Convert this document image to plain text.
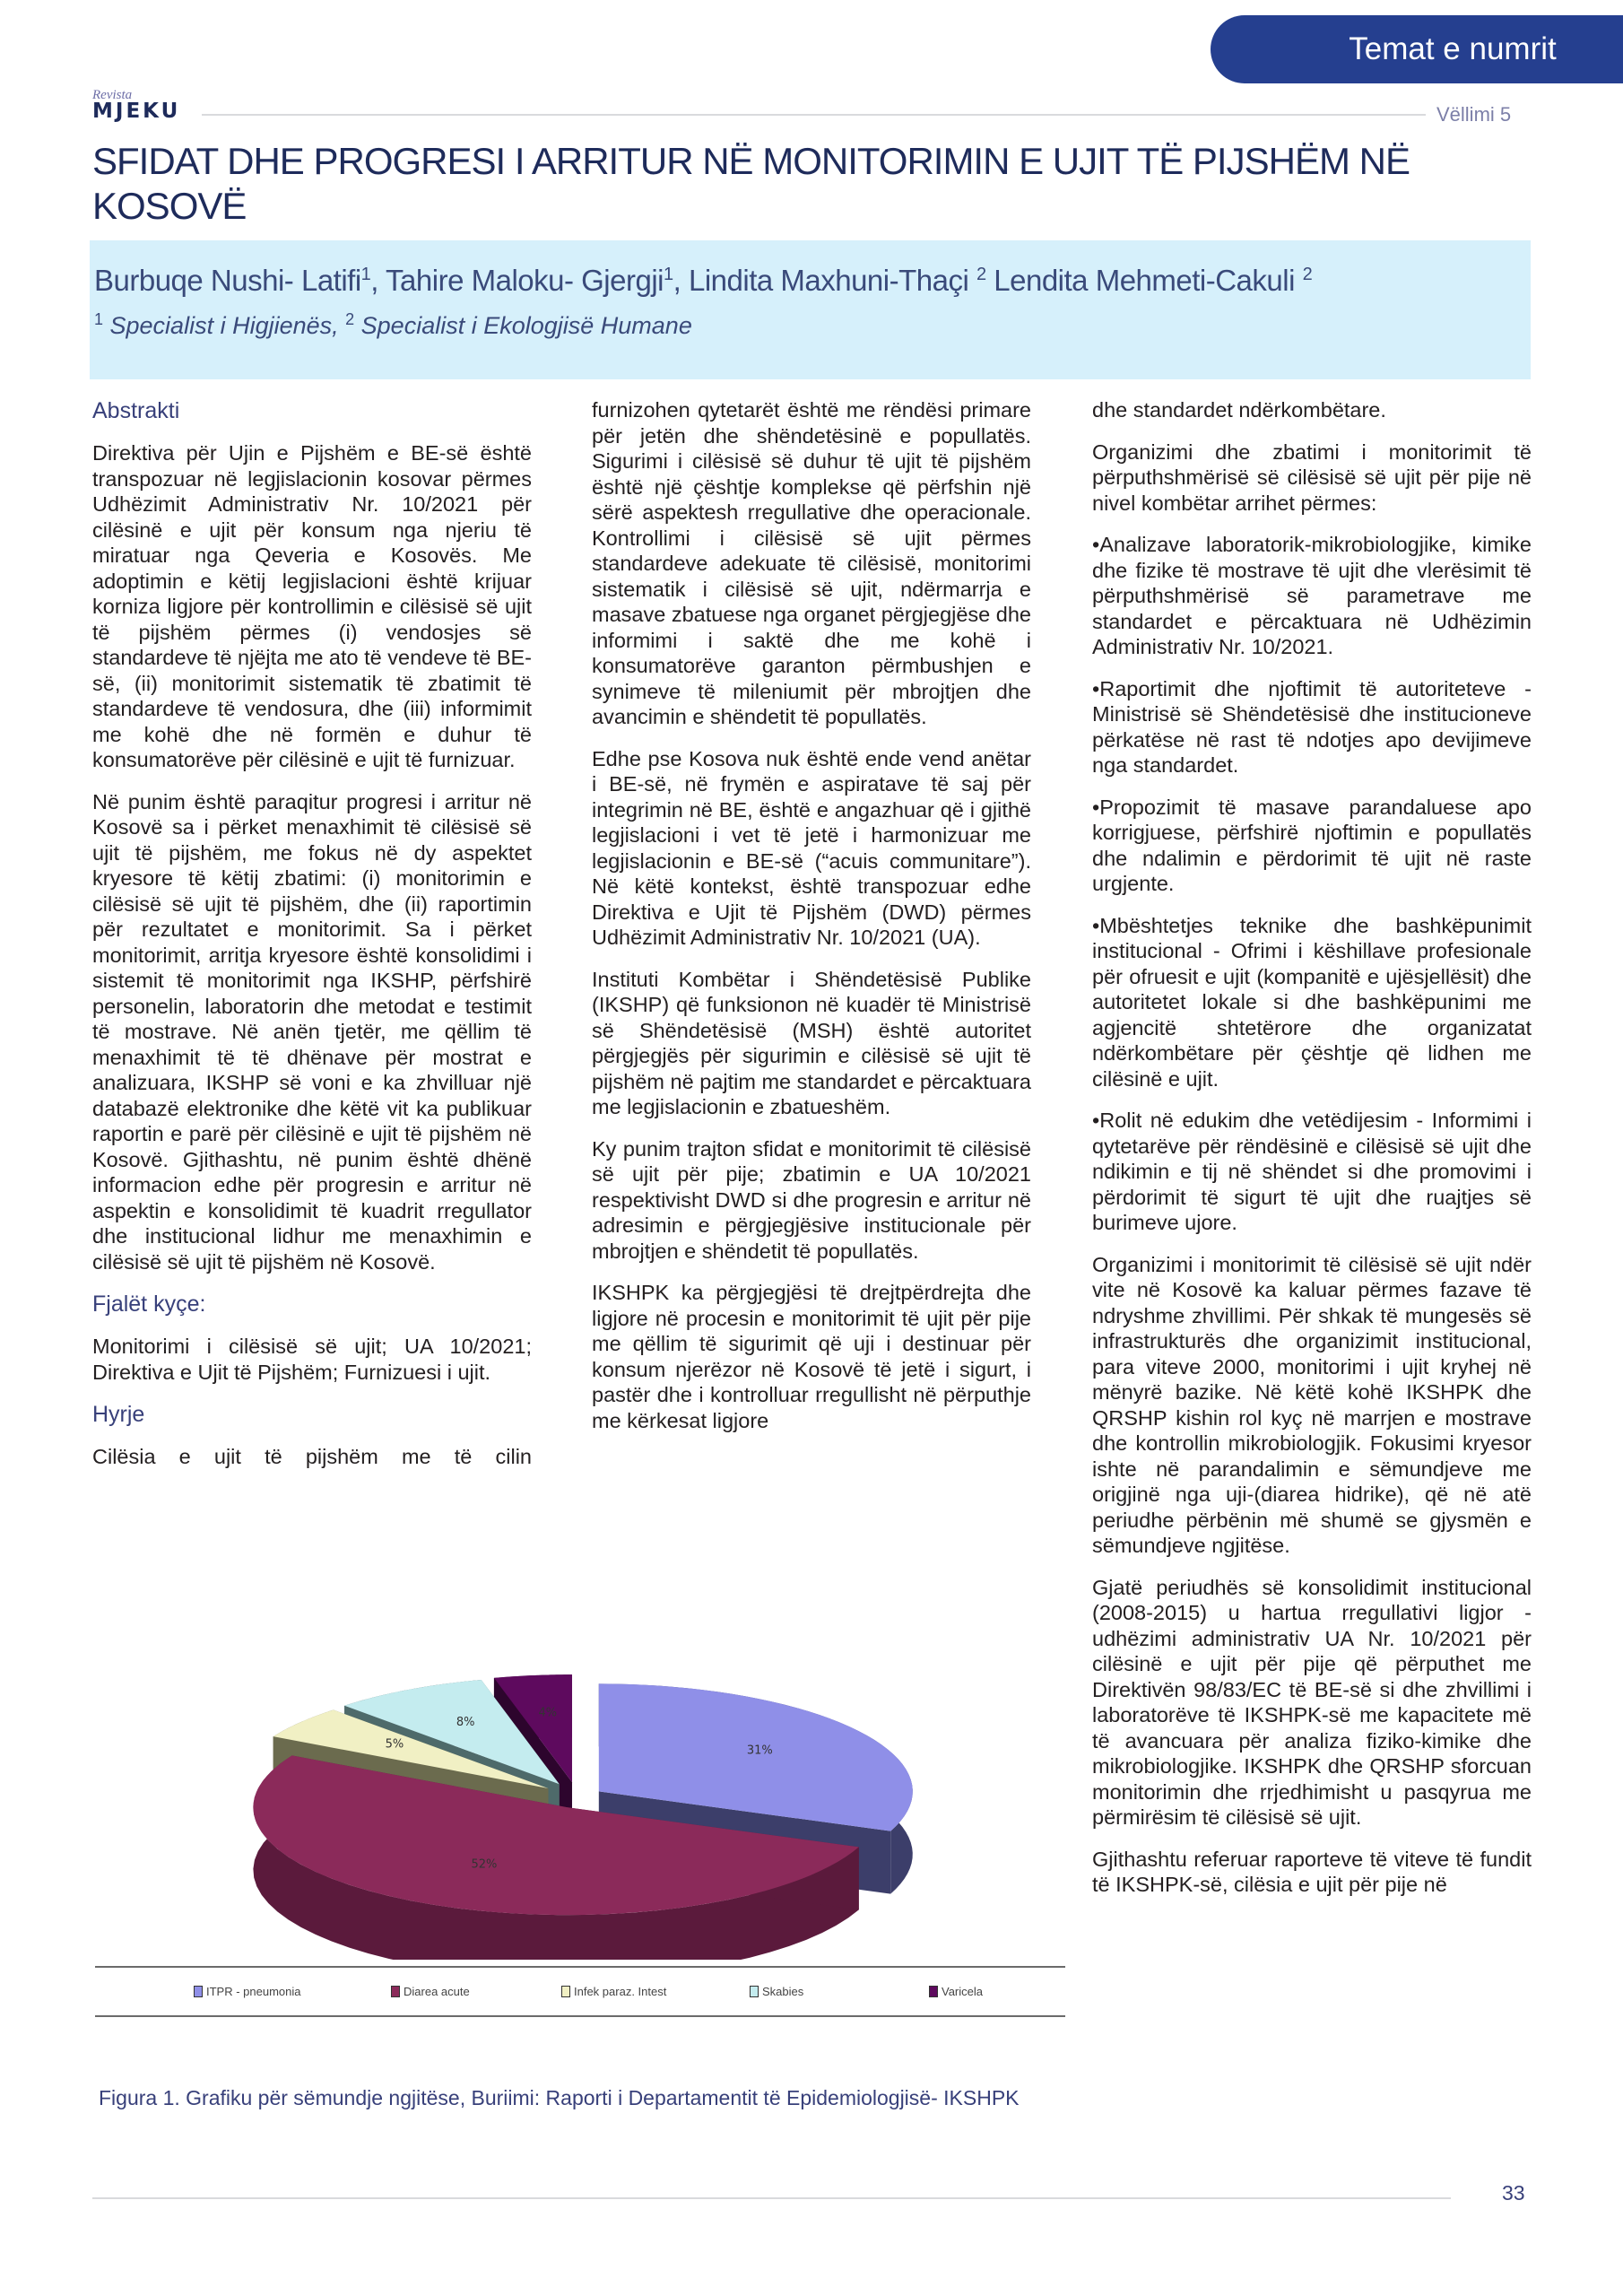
Temat e numrit
Revista
MJEKU	Vëllimi 5
SFIDAT DHE PROGRESI I ARRITUR NË MONITORIMIN E UJIT TË PIJSHËM NË KOSOVË
Burbuqe Nushi- Latifi$^1$, Tahire Maloku- Gjergji$^1$, Lindita Maxhuni-Thaçi $^2$ Lendita Mehmeti-Cakuli $^2$
$^1$ Specialist i Higjienës, $^2$ Specialist i Ekologjisë Humane
Abstrakti

Direktiva për Ujin e Pijshëm e BE-së është transpozuar në legjislacionin kosovar përmes Udhëzimit Administrativ Nr. 10/2021 për cilësinë e ujit për konsum nga njeriu të miratuar nga Qeveria e Kosovës. Me adoptimin e këtij legjislacioni është krijuar korniza ligjore për kontrollimin e cilësisë së ujit të pijshëm përmes (i) vendosjes së standardeve të njëjta me ato të vendeve të BE-së, (ii) monitorimit sistematik të zbatimit të standardeve të vendosura, dhe (iii) informimit me kohë dhe në formën e duhur të konsumatorëve për cilësinë e ujit të furnizuar.

Në punim është paraqitur progresi i arritur në Kosovë sa i përket menaxhimit të cilësisë së ujit të pijshëm, me fokus në dy aspektet kryesore të këtij zbatimi: (i) monitorimin e cilësisë së ujit të pijshëm, dhe (ii) raportimin për rezultatet e monitorimit. Sa i përket monitorimit, arritja kryesore është konsolidimi i sistemit të monitorimit nga IKSHP, përfshirë personelin, laboratorin dhe metodat e testimit të mostrave. Në anën tjetër, me qëllim të menaxhimit të të dhënave për mostrat e analizuara, IKSHP së voni e ka zhvilluar një databazë elektronike dhe këtë vit ka publikuar raportin e parë për cilësinë e ujit të pijshëm në Kosovë. Gjithashtu, në punim është dhënë informacion edhe për progresin e arritur në aspektin e konsolidimit të kuadrit rregullator dhe institucional lidhur me menaxhimin e cilësisë së ujit të pijshëm në Kosovë.

Fjalët kyçe:

Monitorimi i cilësisë së ujit; UA 10/2021; Direktiva e Ujit të Pijshëm; Furnizuesi i ujit.

Hyrje

Cilësia e ujit të pijshëm me të cilin

furnizohen qytetarët është me rëndësi primare për jetën dhe shëndetësinë e popullatës. Sigurimi i cilësisë së duhur të ujit të pijshëm është një çështje komplekse që përfshin një sërë aspektesh rregullative dhe operacionale. Kontrollimi i cilësisë së ujit përmes standardeve adekuate të cilësisë, monitorimi sistematik i cilësisë së ujit, ndërmarrja e masave zbatuese nga organet përgjegjëse dhe informimi i saktë dhe me kohë i konsumatorëve garanton përmbushjen e synimeve të mileniumit për mbrojtjen dhe avancimin e shëndetit të popullatës.

Edhe pse Kosova nuk është ende vend anëtar i BE-së, në frymën e aspiratave të saj për integrimin në BE, është e angazhuar që i gjithë legjislacioni i vet të jetë i harmonizuar me legjislacionin e BE-së (“acuis communitare”). Në këtë kontekst, është transpozuar edhe Direktiva e Ujit të Pijshëm (DWD) përmes Udhëzimit Administrativ Nr. 10/2021 (UA).

Instituti Kombëtar i Shëndetësisë Publike (IKSHP) që funksionon në kuadër të Ministrisë së Shëndetësisë (MSH) është autoritet përgjegjës për sigurimin e cilësisë së ujit të pijshëm në pajtim me standardet e përcaktuara me legjislacionin e zbatueshëm.

Ky punim trajton sfidat e monitorimit të cilësisë së ujit për pije; zbatimin e UA 10/2021 respektivisht DWD si dhe progresin e arritur në adresimin e përgjegjësive institucionale për mbrojtjen e shëndetit të popullatës.

IKSHPK ka përgjegjësi të drejtpërdrejta dhe ligjore në procesin e monitorimit të ujit për pije me qëllim të sigurimit që uji i destinuar për konsum njerëzor në Kosovë të jetë i sigurt, i pastër dhe i kontrolluar rregullisht në përputhje me kërkesat ligjore

dhe standardet ndërkombëtare.

Organizimi dhe zbatimi i monitorimit të përputhshmërisë së cilësisë së ujit për pije në nivel kombëtar arrihet përmes:

•Analizave laboratorik-mikrobiologjike, kimike dhe fizike të mostrave të ujit dhe vlerësimit të përputhshmërisë së parametrave me standardet e përcaktuara në Udhëzimin Administrativ Nr. 10/2021.

•Raportimit dhe njoftimit të autoriteteve - Ministrisë së Shëndetësisë dhe institucioneve përkatëse në rast të ndotjes apo devijimeve nga standardet.

•Propozimit të masave parandaluese apo korrigjuese, përfshirë njoftimin e popullatës dhe ndalimin e përdorimit të ujit në raste urgjente.

•Mbështetjes teknike dhe bashkëpunimit institucional - Ofrimi i këshillave profesionale për ofruesit e ujit (kompanitë e ujësjellësit) dhe autoritetet lokale si dhe bashkëpunimi me agjencitë shtetërore dhe organizatat ndërkombëtare për çështje që lidhen me cilësinë e ujit.

•Rolit në edukim dhe vetëdijesim - Informimi i qytetarëve për rëndësinë e cilësisë së ujit dhe ndikimin e tij në shëndet si dhe promovimi i përdorimit të sigurt të ujit dhe ruajtjes së burimeve ujore.

Organizimi i monitorimit të cilësisë së ujit ndër vite në Kosovë ka kaluar përmes fazave të ndryshme zhvillimi. Për shkak të mungesës së infrastrukturës dhe organizimit institucional, para viteve 2000, monitorimi i ujit kryhej në mënyrë bazike. Në këtë kohë IKSHPK dhe QRSHP kishin rol kyç në marrjen e mostrave dhe kontrollin mikrobiologjik. Fokusimi kryesor ishte në parandalimin e sëmundjeve me origjinë nga uji-(diarea hidrike), që në atë periudhe përbënin më shumë se gjysmën e sëmundjeve ngjitëse.

Gjatë periudhës së konsolidimit institucional (2008-2015) u hartua rregullativi ligjor - udhëzimi administrativ UA Nr. 10/2021 për cilësinë e ujit për pije që përputhet me Direktivën 98/83/EC të BE-së si dhe zhvillimi i laboratorëve të IKSHPK-së me kapacitete më të avancuara për analiza fiziko-kimike dhe mikrobiologjike. IKSHPK dhe QRSHP sforcuan monitorimin dhe rrjedhimisht u pasqyrua me përmirësim të cilësisë së ujit.

Gjithashtu referuar raporteve të viteve të fundit të IKSHPK-së, cilësia e ujit për pije në

4%
8%
5%	31%
52%
ITPR - pneumonia	Diarea acute	Infek paraz. Intest	Skabies	Varicela
Figura 1. Grafiku për sëmundje ngjitëse, Buriimi: Raporti i Departamentit të Epidemiologjisë- IKSHPK
33
